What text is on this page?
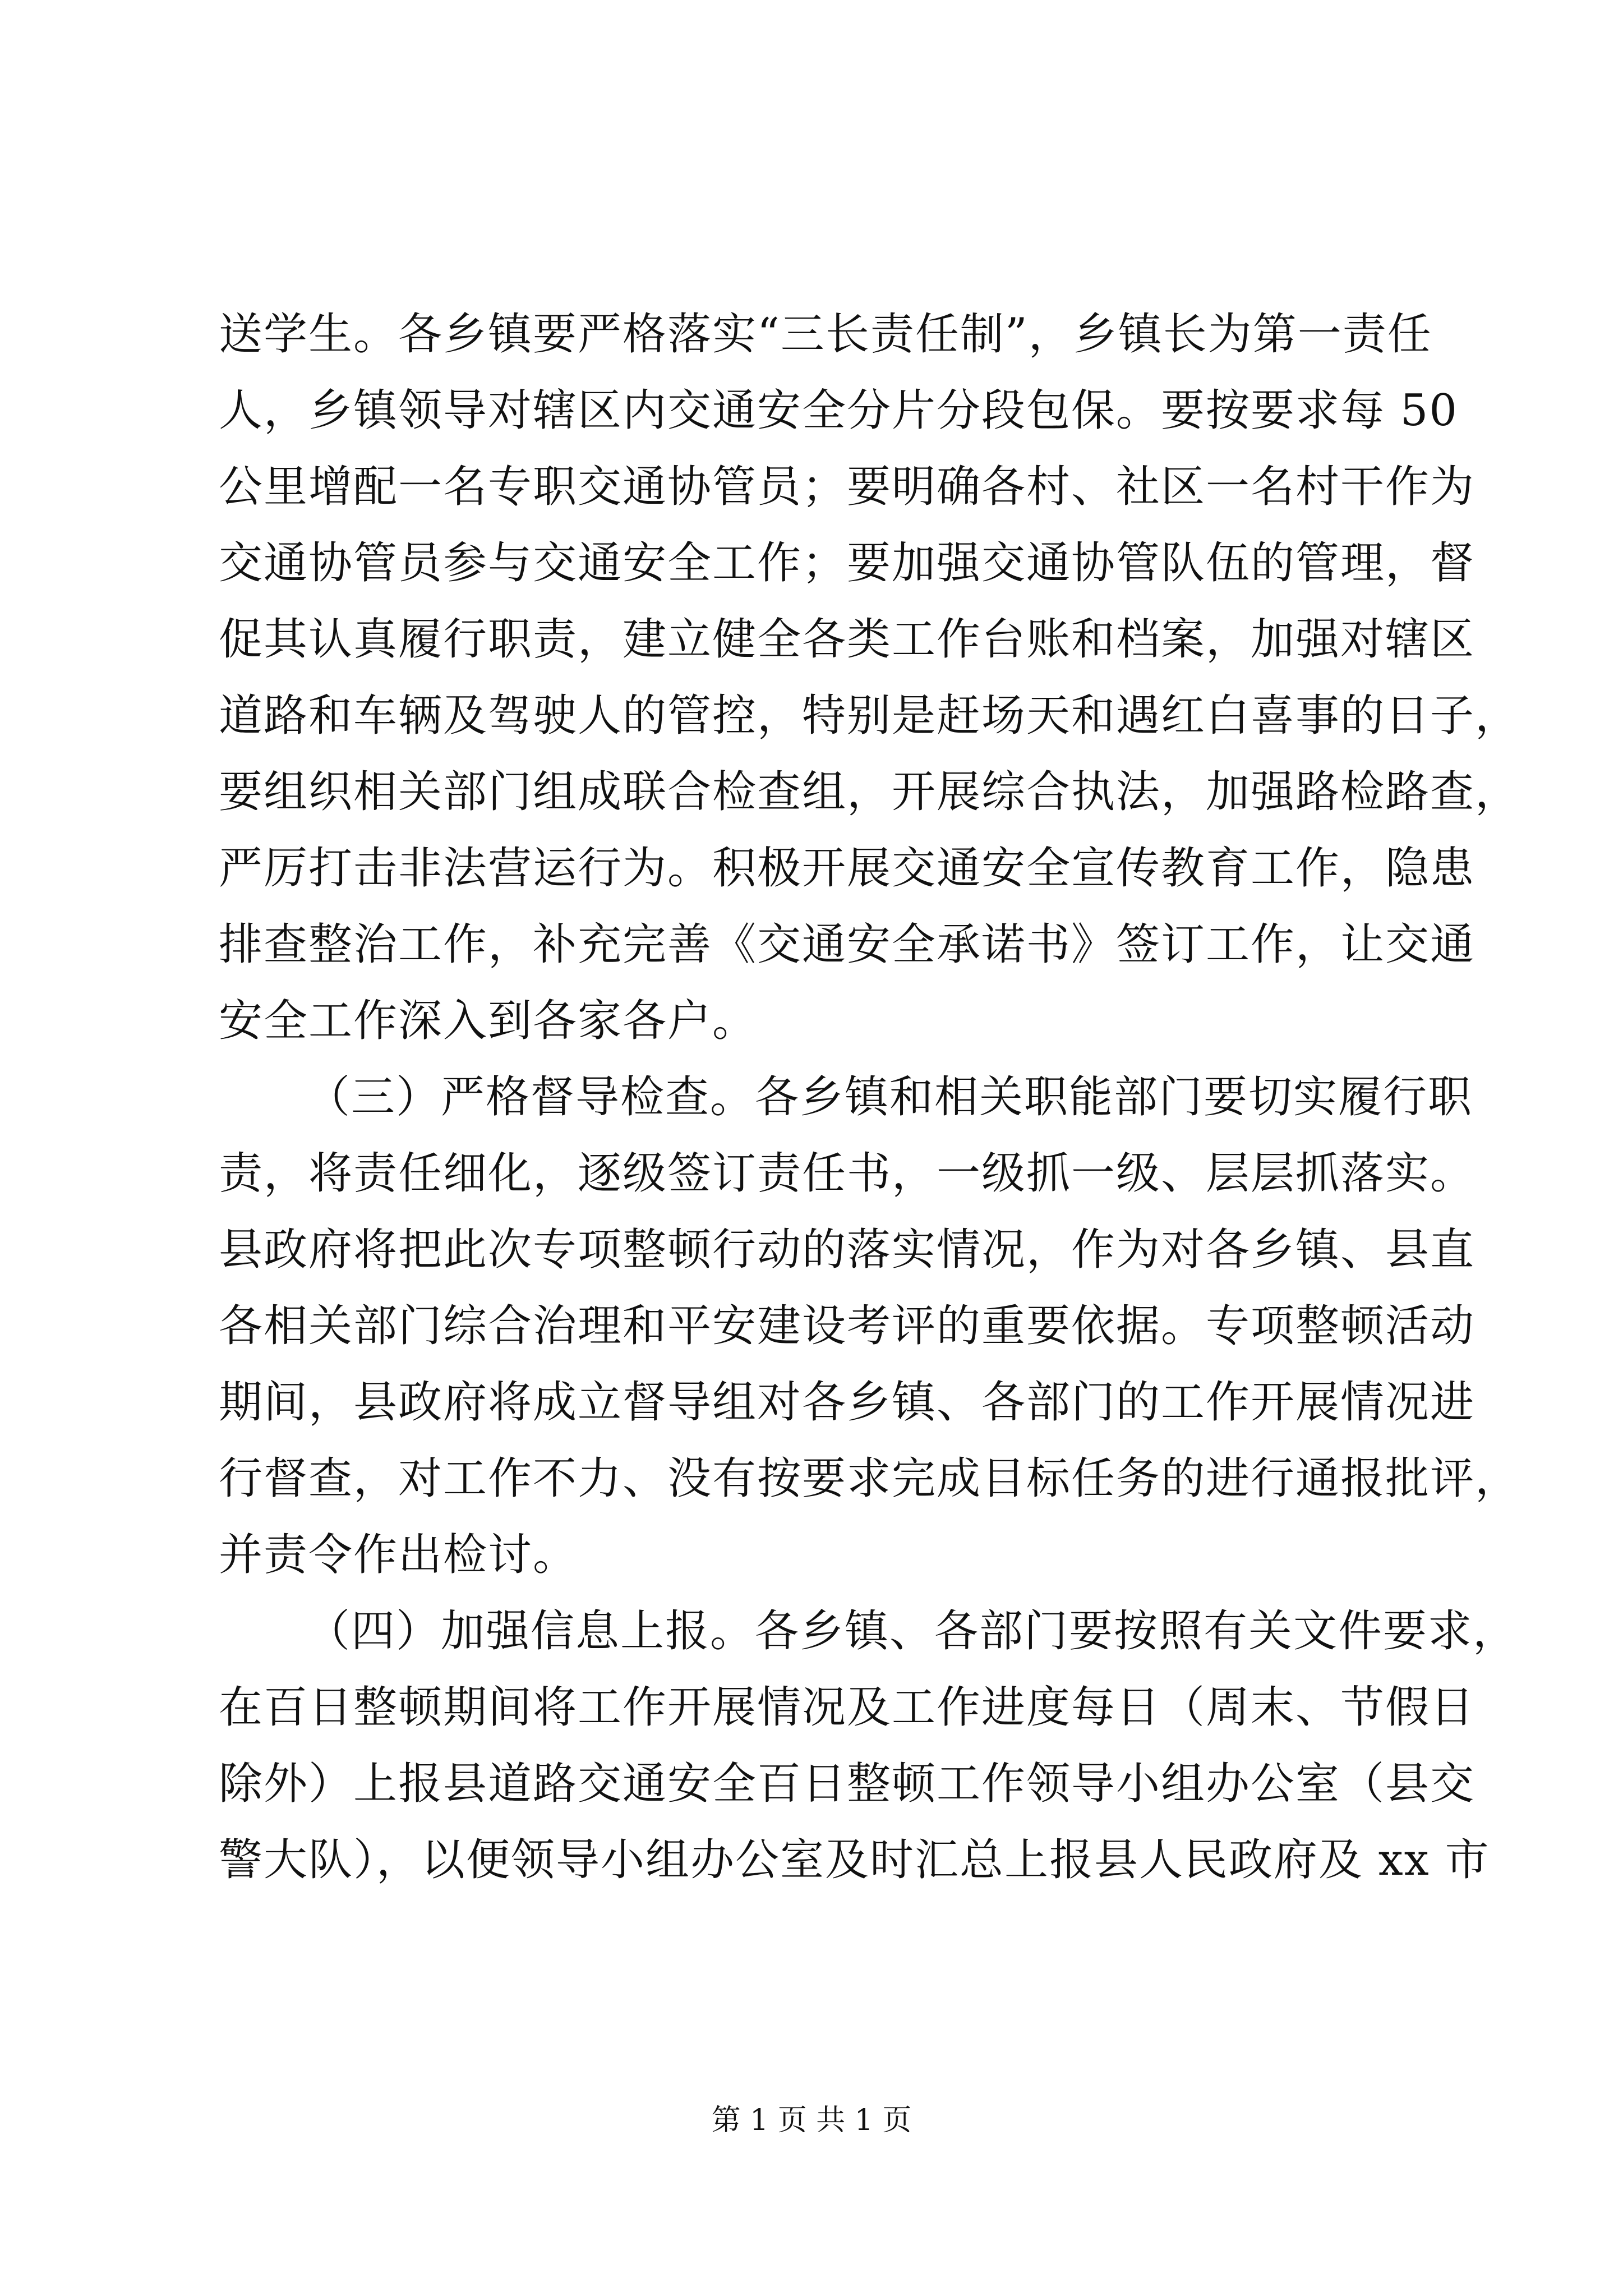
送学生。各乡镇要严格落实“三长责任制”，乡镇长为第一责任
人，乡镇领导对辖区内交通安全分片分段包保。要按要求每 50
公里增配一名专职交通协管员；要明确各村、社区一名村干作为
交通协管员参与交通安全工作；要加强交通协管队伍的管理，督
促其认真履行职责，建立健全各类工作台账和档案，加强对辖区
道路和车辆及驾驶人的管控，特别是赶场天和遇红白喜事的日子，
要组织相关部门组成联合检查组，开展综合执法，加强路检路查，
严厉打击非法营运行为。积极开展交通安全宣传教育工作，隐患
排查整治工作，补充完善《交通安全承诺书》签订工作，让交通
安全工作深入到各家各户。
（三）严格督导检查。各乡镇和相关职能部门要切实履行职
责，将责任细化，逐级签订责任书，一级抓一级、层层抓落实。
县政府将把此次专项整顿行动的落实情况，作为对各乡镇、县直
各相关部门综合治理和平安建设考评的重要依据。专项整顿活动
期间，县政府将成立督导组对各乡镇、各部门的工作开展情况进
行督查，对工作不力、没有按要求完成目标任务的进行通报批评，
并责令作出检讨。
（四）加强信息上报。各乡镇、各部门要按照有关文件要求，
在百日整顿期间将工作开展情况及工作进度每日（周末、节假日
除外）上报县道路交通安全百日整顿工作领导小组办公室（县交
警大队），以便领导小组办公室及时汇总上报县人民政府及 xx 市
第 1 页 共 1 页
